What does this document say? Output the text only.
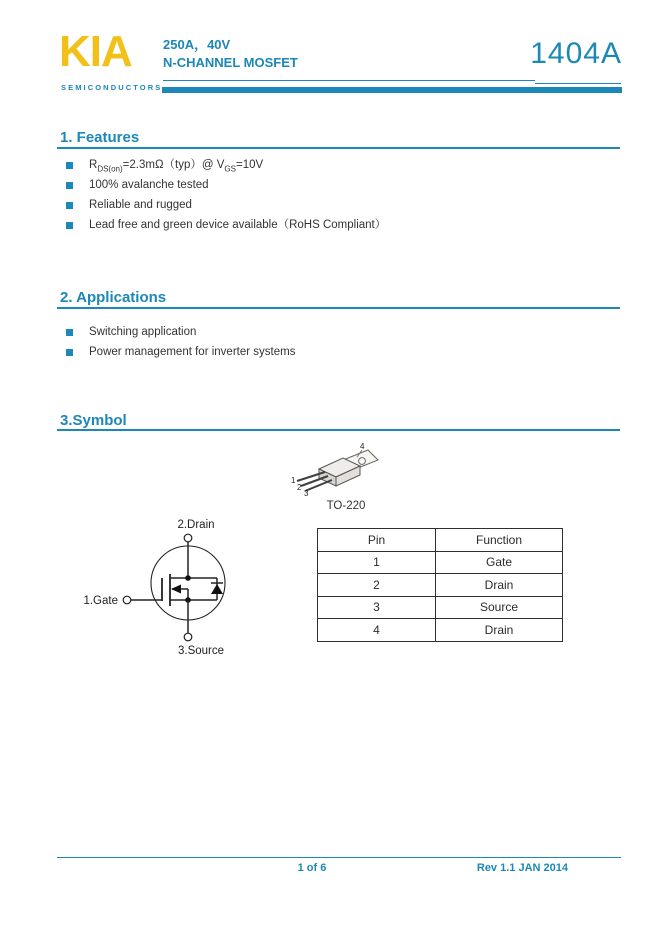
KIA
SEMICONDUCTORS
250A，40V
N-CHANNEL MOSFET	1404A
1. Features
$R_{DS(on)}=2.3m\Omega(typ)@$ $V_{GS}=10V$
100% avalanche tested
Reliable and rugged
Lead free and green device available（RoHS Compliant）
2. Applications
Switching application
Power management for inverter systems
3.Symbol
1
2
3
4
TO-220
2.Drain
1.Gate
3.Source
Pin	Function
1	Gate
2	Drain
3	Source
4	Drain
1 of 6	Rev 1.1 JAN 2014
